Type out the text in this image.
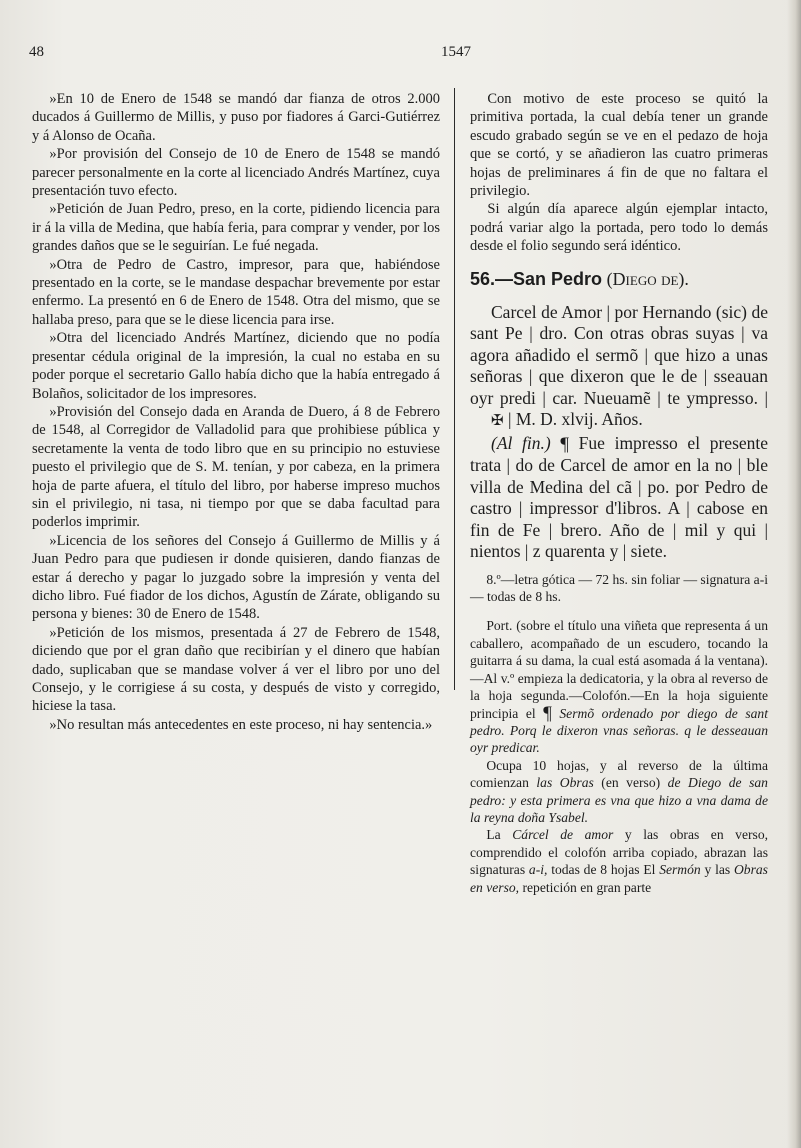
48	1547

»En 10 de Enero de 1548 se mandó dar fianza de otros 2.000 ducados á Guillermo de Millis, y puso por fiadores á Garci-Gutiérrez y á Alonso de Ocaña.

»Por provisión del Consejo de 10 de Enero de 1548 se mandó parecer personalmente en la corte al licenciado Andrés Martínez, cuya presentación tuvo efecto.

»Petición de Juan Pedro, preso, en la corte, pidiendo licencia para ir á la villa de Medina, que había feria, para comprar y vender, por los grandes daños que se le seguirían. Le fué negada.

»Otra de Pedro de Castro, impresor, para que, habiéndose presentado en la corte, se le mandase despachar brevemente por estar enfermo. La presentó en 6 de Enero de 1548. Otra del mismo, que se hallaba preso, para que se le diese licencia para irse.

»Otra del licenciado Andrés Martínez, diciendo que no podía presentar cédula original de la impresión, la cual no estaba en su poder porque el secretario Gallo había dicho que la había entregado á Bolaños, solicitador de los impresores.

»Provisión del Consejo dada en Aranda de Duero, á 8 de Febrero de 1548, al Corregidor de Valladolid para que prohibiese pública y secretamente la venta de todo libro que en su principio no estuviese puesto el privilegio que de S. M. tenían, y por cabeza, en la primera hoja de parte afuera, el título del libro, por haberse impreso muchos sin el privilegio, ni tasa, ni tiempo por que se daba facultad para poderlos imprimir.

»Licencia de los señores del Consejo á Guillermo de Millis y á Juan Pedro para que pudiesen ir donde quisieren, dando fianzas de estar á derecho y pagar lo juzgado sobre la impresión y venta del dicho libro. Fué fiador de los dichos, Agustín de Zárate, obligando su persona y bienes: 30 de Enero de 1548.

»Petición de los mismos, presentada á 27 de Febrero de 1548, diciendo que por el gran daño que recibirían y el dinero que habían dado, suplicaban que se mandase volver á ver el libro por uno del Consejo, y le corrigiese á su costa, y después de visto y corregido, hiciese la tasa.

»No resultan más antecedentes en este proceso, ni hay sentencia.»

Con motivo de este proceso se quitó la primitiva portada, la cual debía tener un grande escudo grabado según se ve en el pedazo de hoja que se cortó, y se añadieron las cuatro primeras hojas de preliminares á fin de que no faltara el privilegio.

Si algún día aparece algún ejemplar intacto, podrá variar algo la portada, pero todo lo demás desde el folio segundo será idéntico.

56.—San Pedro (Diego de).

Carcel de Amor | por Hernando (sic) de sant Pe | dro. Con otras obras suyas | va agora añadido el sermõ | que hizo a unas señoras | que dixeron que le de | sseauan oyr predi | car. Nueuamẽ | te ympresso. | ✠ | M. D. xlvij. Años.

(Al fin.) ¶ Fue impresso el presente trata | do de Carcel de amor en la no | ble villa de Medina del cã | po. por Pedro de castro | impressor d'libros. A | cabose en fin de Fe | brero. Año de | mil y qui | nientos | z quarenta y | siete.

8.º—letra gótica — 72 hs. sin foliar — signatura a-i — todas de 8 hs.

Port. (sobre el título una viñeta que representa á un caballero, acompañado de un escudero, tocando la guitarra á su dama, la cual está asomada á la ventana).—Al v.º empieza la dedicatoria, y la obra al reverso de la hoja segunda.—Colofón.—En la hoja siguiente principia el ¶ Sermõ ordenado por diego de sant pedro. Porq le dixeron vnas señoras. q le desseauan oyr predicar.

Ocupa 10 hojas, y al reverso de la última comienzan las Obras (en verso) de Diego de san pedro: y esta primera es vna que hizo a vna dama de la reyna doña Ysabel.

La Cárcel de amor y las obras en verso, comprendido el colofón arriba copiado, abrazan las signaturas a-i, todas de 8 hojas El Sermón y las Obras en verso, repetición en gran parte
